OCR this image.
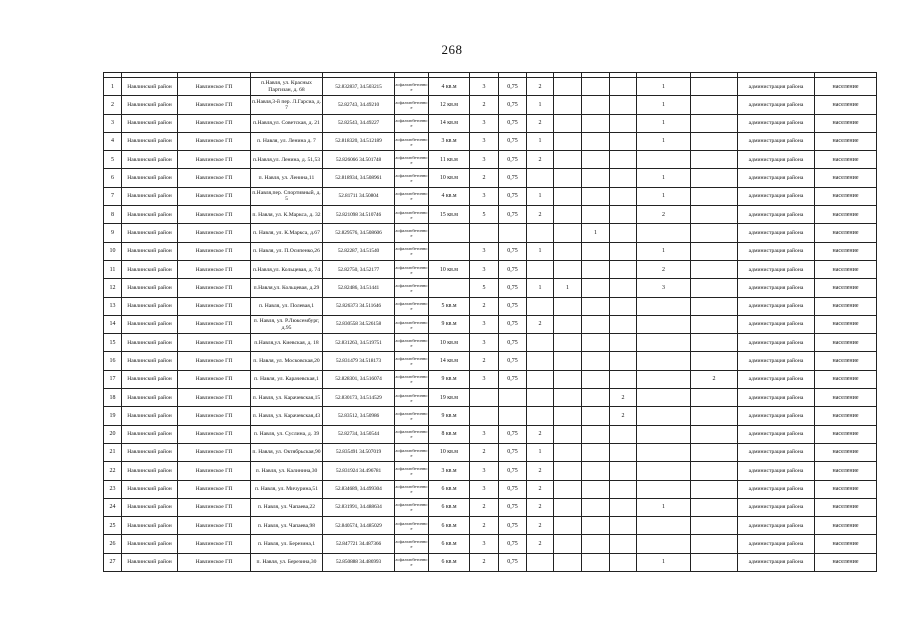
268

1	Навлинский район	Навлинское ГП	п.Навля, ул. Красных Партизан, д. 68	52.832837, 34.503215	асфальтобетонное	4 кв.м	3	0,75	2				1		администрация района	население
2	Навлинский район	Навлинское ГП	п.Навля,3-й пер. Л.Гарсиа, д. 7	52.82743, 34.49210	асфальтобетонное	12 кв.м	2	0,75	1				1		администрация района	население
3	Навлинский район	Навлинское ГП	п.Навля,ул. Советская, д. 21	52.82543, 34.49227	асфальтобетонное	14 кв.м	3	0,75	2				1		администрация района	население
4	Навлинский район	Навлинское ГП	п. Навля, ул. Ленина д. 7	52.818320, 34.512189	асфальтобетонное	3 кв.м	3	0,75	1				1		администрация района	население
5	Навлинский район	Навлинское ГП	п.Навля,ул. Ленина, д. 51,53	52.826066 34.501748	асфальтобетонное	11 кв.м	3	0,75	2						администрация района	население
6	Навлинский район	Навлинское ГП	п. Навля, ул. Ленина,11	52.818934, 34.508961	асфальтобетонное	10 кв.м	2	0,75					1		администрация района	население
7	Навлинский район	Навлинское ГП	п.Навля,пер. Спортивный, д. 5	52.81711 34.50804	асфальтобетонное	4 кв.м	3	0,75	1				1		администрация района	население
8	Навлинский район	Навлинское ГП	п. Навля, ул. К.Маркса, д. 32	52.821098 34.510746	асфальтобетонное	15 кв.м	5	0,75	2				2		администрация района	население
9	Навлинский район	Навлинское ГП	п. Навля, ул. К.Маркса, д.67	52.829576, 34.508606	асфальтобетонное						1				администрация района	население
10	Навлинский район	Навлинское ГП	п. Навля, ул. П.Осипенко,26	52.82287, 34.51540	асфальтобетонное		3	0,75	1				1		администрация района	население
11	Навлинский район	Навлинское ГП	п.Навля,ул. Кольцевая, д. 74	52.82750, 34.52177	асфальтобетонное	10 кв.м	3	0,75					2		администрация района	население
12	Навлинский район	Навлинское ГП	п.Навля,ул. Кольцевая, д.29	52.82486, 34.51441	асфальтобетонное		5	0,75	1	1			3		администрация района	население
13	Навлинский район	Навлинское ГП	п. Навля, ул. Полевая,1	52.826373 34.511646	асфальтобетонное	5 кв.м	2	0,75							администрация района	население
14	Навлинский район	Навлинское ГП	п. Навля, ул. Р.Люксембург, д.95	52.830558 34.526158	асфальтобетонное	9 кв.м	3	0,75	2						администрация района	население
15	Навлинский район	Навлинское ГП	п.Навля,ул. Киевская, д. 18	52.831263, 34.519751	асфальтобетонное	10 кв.м	3	0,75							администрация района	население
16	Навлинский район	Навлинское ГП	п. Навля, ул. Московская,20	52.831479 34.518173	асфальтобетонное	14 кв.м	2	0,75							администрация района	население
17	Навлинский район	Навлинское ГП	п. Навля, ул. Карачевская,1	52.828301, 34.516074	асфальтобетонное	9 кв.м	3	0,75						2	администрация района	население
18	Навлинский район	Навлинское ГП	п. Навля, ул. Карачевская,15	52.830173, 34.514529	асфальтобетонное	19 кв.м						2			администрация района	население
19	Навлинский район	Навлинское ГП	п. Навля, ул. Карачевская,43	52.83512, 34.50986	асфальтобетонное	9 кв.м						2			администрация района	население
20	Навлинский район	Навлинское ГП	п. Навля, ул. Суслина, д. 39	52.82734, 34.50544	асфальтобетонное	8 кв.м	3	0,75	2						администрация района	население
21	Навлинский район	Навлинское ГП	п. Навля, ул. Октябрьская,90	52.835491 34.507019	асфальтобетонное	10 кв.м	2	0,75	1						администрация района	население
22	Навлинский район	Навлинское ГП	п. Навля, ул. Калинина,30	52.831924 34.496781	асфальтобетонное	3 кв.м	3	0,75	2						администрация района	население
23	Навлинский район	Навлинское ГП	п. Навля, ул. Мичурина,51	52.834689, 34.499304	асфальтобетонное	6 кв.м	3	0,75	2						администрация района	население
24	Навлинский район	Навлинское ГП	п. Навля, ул. Чапаева,22	52.831991, 34.488634	асфальтобетонное	6 кв.м	2	0,75	2				1		администрация района	население
25	Навлинский район	Навлинское ГП	п. Навля, ул. Чапаева,98	52.840574, 34.485029	асфальтобетонное	6 кв.м	2	0,75	2						администрация района	население
26	Навлинский район	Навлинское ГП	п. Навля, ул. Березина,1	52.847721 34.487366	асфальтобетонное	6 кв.м	3	0,75	2						администрация района	население
27	Навлинский район	Навлинское ГП	п. Навля, ул. Березина,30	52.850888 34.486993	асфальтобетонное	6 кв.м	2	0,75					1		администрация района	население
